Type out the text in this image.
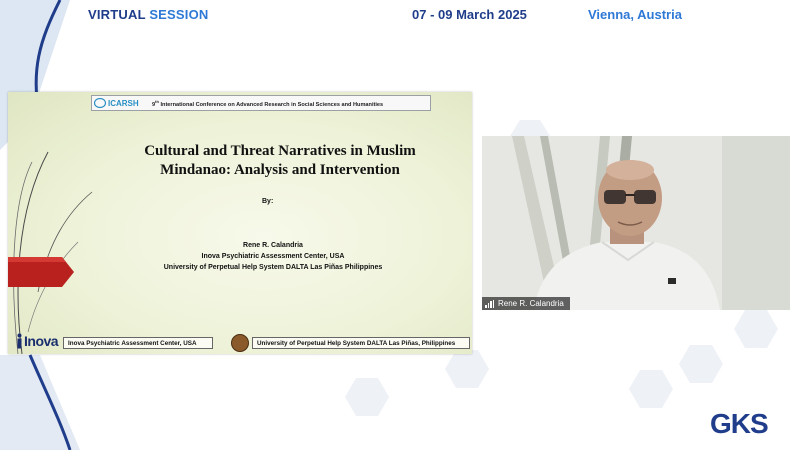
VIRTUAL SESSION	07 - 09 March 2025	Vienna, Austria
ICARSH 9th International Conference on Advanced Research in Social Sciences and Humanities
Cultural and Threat Narratives in Muslim
Mindanao: Analysis and Intervention
By:
Rene R. Calandria
Inova Psychiatric Assessment Center, USA
University of Perpetual Help System DALTA Las Piñas Philippines
Inova	Inova Psychiatric Assessment Center, USA	University of Perpetual Help System DALTA Las Piñas, Philippines
Rene R. Calandria
GKS
